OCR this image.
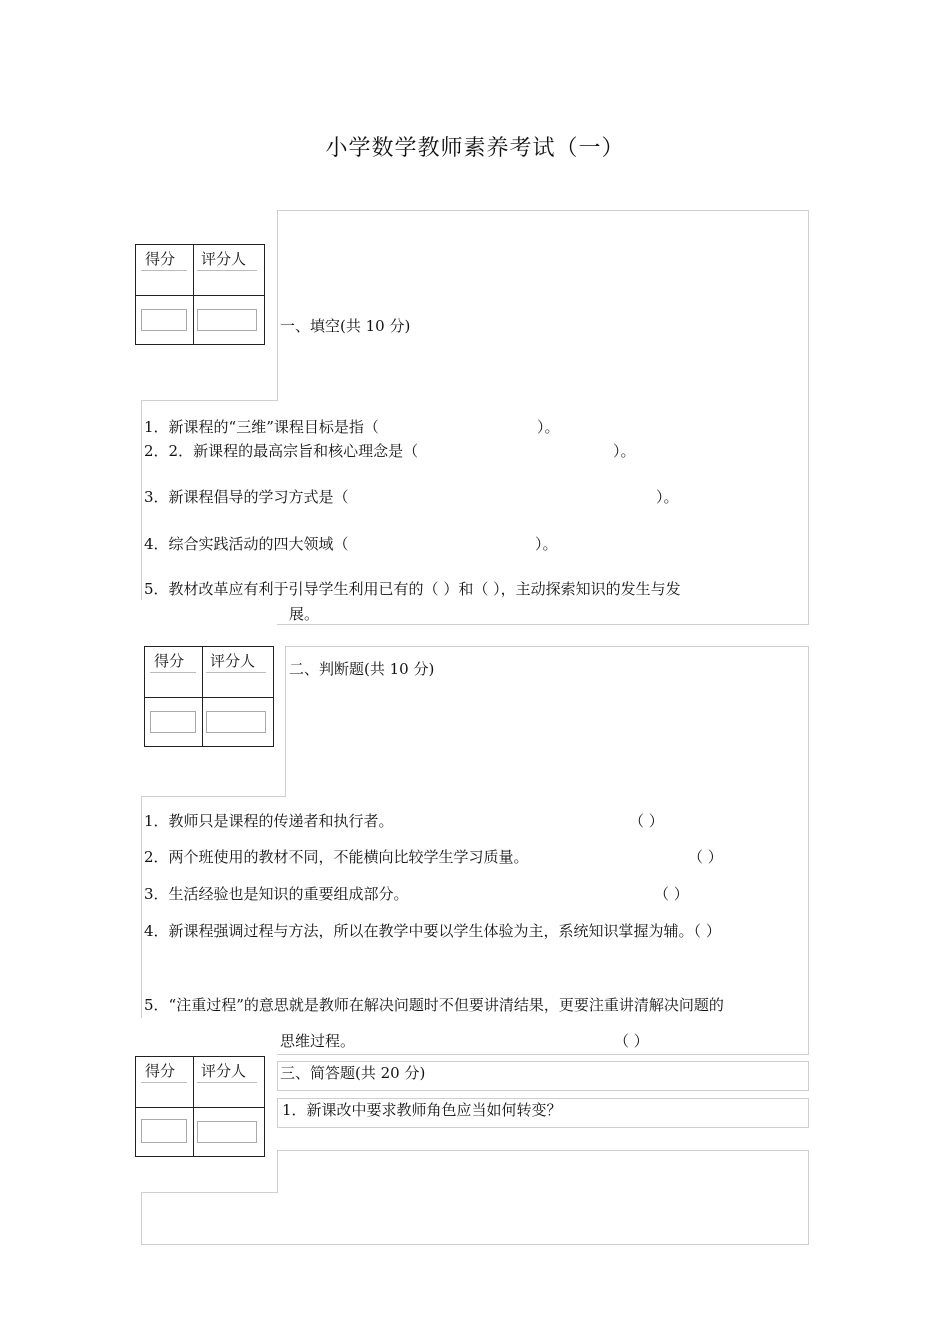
小学数学教师素养考试（一）
得分 评分人
一、填空(共 10 分)
1．新课程的“三维”课程目标是指（	）。
2．2．新课程的最高宗旨和核心理念是（	）。
3．新课程倡导的学习方式是（	）。
4．综合实践活动的四大领域（	）。
5．教材改革应有利于引导学生利用已有的（ ）和（ ），主动探索知识的发生与发
展。
得分 评分人 二、判断题(共 10 分)
1．教师只是课程的传递者和执行者。	（ ）
2．两个班使用的教材不同，不能横向比较学生学习质量。	（ ）
3．生活经验也是知识的重要组成部分。	（ ）
4．新课程强调过程与方法，所以在教学中要以学生体验为主，系统知识掌握为辅。（ ）
5．“注重过程”的意思就是教师在解决问题时不但要讲清结果，更要注重讲清解决问题的
思维过程。	（ ）
得分 评分人 三、简答题(共 20 分)
1．新课改中要求教师角色应当如何转变？
